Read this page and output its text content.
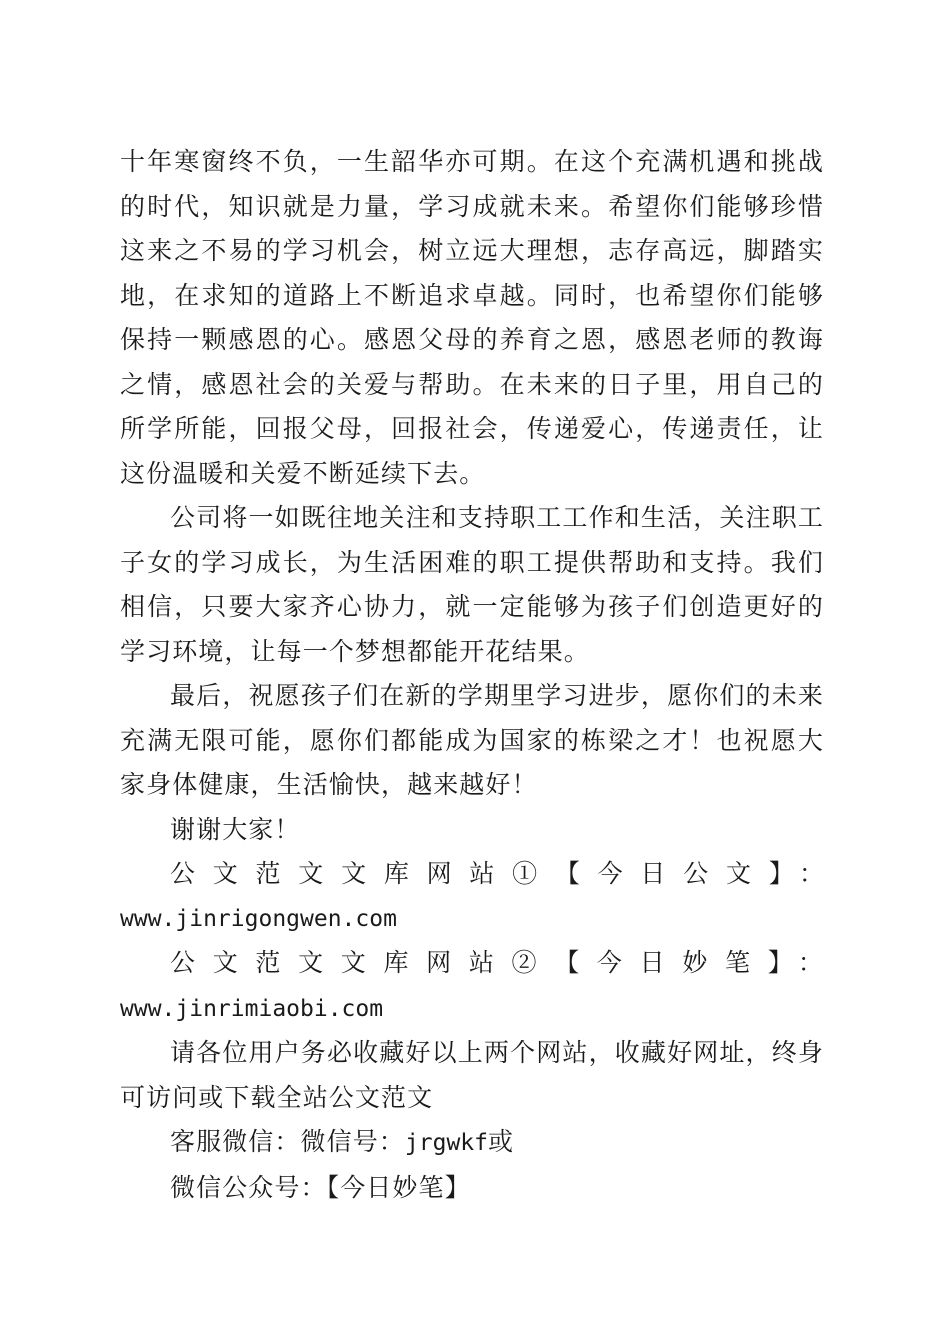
十年寒窗终不负，一生韶华亦可期。在这个充满机遇和挑战的时代，知识就是力量，学习成就未来。希望你们能够珍惜这来之不易的学习机会，树立远大理想，志存高远，脚踏实地，在求知的道路上不断追求卓越。同时，也希望你们能够保持一颗感恩的心。感恩父母的养育之恩，感恩老师的教诲之情，感恩社会的关爱与帮助。在未来的日子里，用自己的所学所能，回报父母，回报社会，传递爱心，传递责任，让这份温暖和关爱不断延续下去。

公司将一如既往地关注和支持职工工作和生活，关注职工子女的学习成长，为生活困难的职工提供帮助和支持。我们相信，只要大家齐心协力，就一定能够为孩子们创造更好的学习环境，让每一个梦想都能开花结果。

最后，祝愿孩子们在新的学期里学习进步，愿你们的未来充满无限可能，愿你们都能成为国家的栋梁之才！也祝愿大家身体健康，生活愉快，越来越好！

谢谢大家！

公文范文文库网站①【今日公文】：

www.jinrigongwen.com

公文范文文库网站②【今日妙笔】：www.jinrimiaobi.com

请各位用户务必收藏好以上两个网站，收藏好网址，终身可访问或下载全站公文范文

客服微信：微信号：jrgwkf或

微信公众号：【今日妙笔】
